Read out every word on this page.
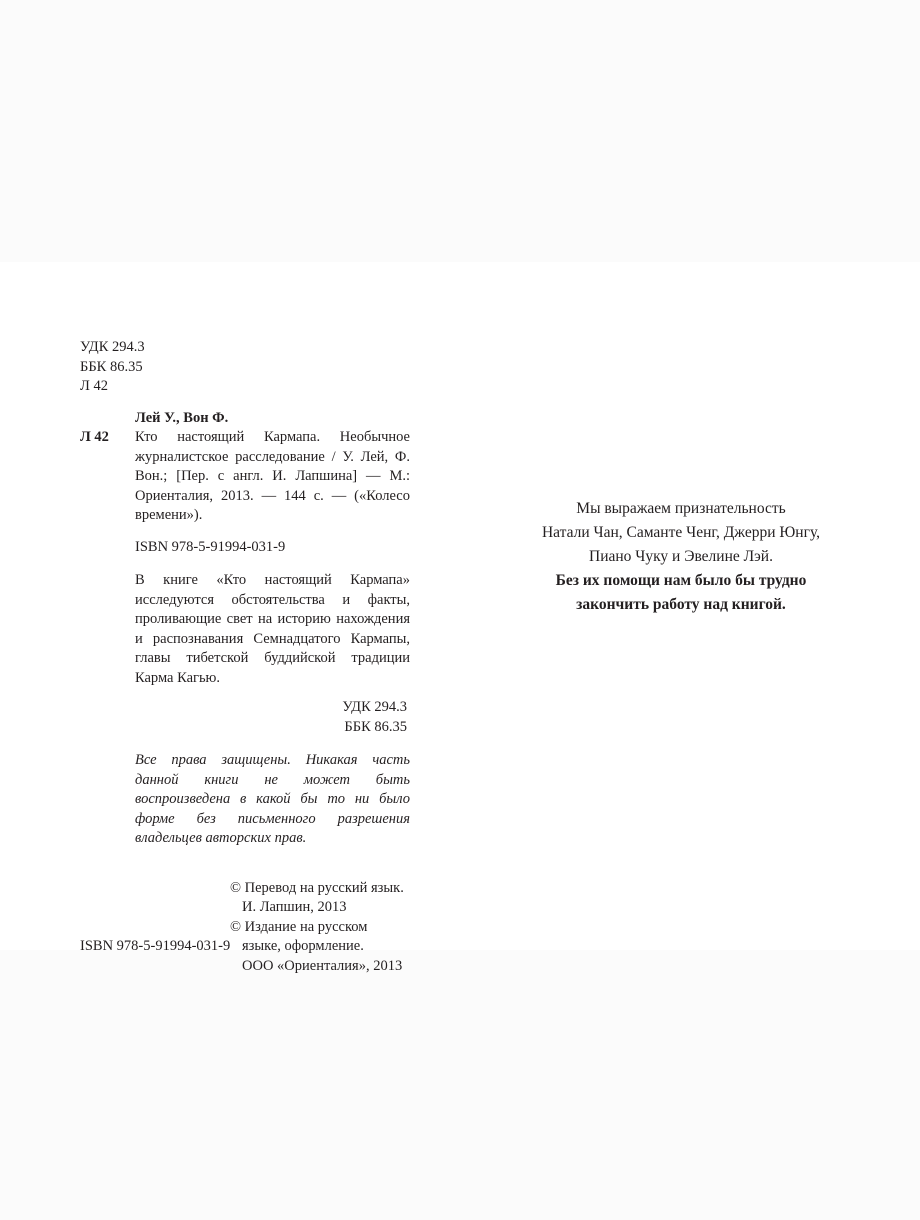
УДК 294.3
ББК 86.35
Л 42
Лей У., Вон Ф.
Л 42 Кто настоящий Кармапа. Необычное журналистское расследование / У. Лей, Ф. Вон.; [Пер. с англ. И. Лапшина] — М.: Ориенталия, 2013. — 144 с. — («Колесо времени»).
ISBN 978-5-91994-031-9
В книге «Кто настоящий Кармапа» исследуются обстоятельства и факты, проливающие свет на историю нахождения и распознавания Семнадцатого Кармапы, главы тибетской буддийской традиции Карма Кагью.
УДК 294.3
ББК 86.35
Все права защищены. Никакая часть данной книги не может быть воспроизведена в какой бы то ни было форме без письменного разрешения владельцев авторских прав.
© Перевод на русский язык.
И. Лапшин, 2013
© Издание на русском
языке, оформление.
ООО «Ориенталия», 2013
ISBN 978-5-91994-031-9
Мы выражаем признательность
Натали Чан, Саманте Ченг, Джерри Юнгу,
Пиано Чуку и Эвелине Лэй.
Без их помощи нам было бы трудно
закончить работу над книгой.
